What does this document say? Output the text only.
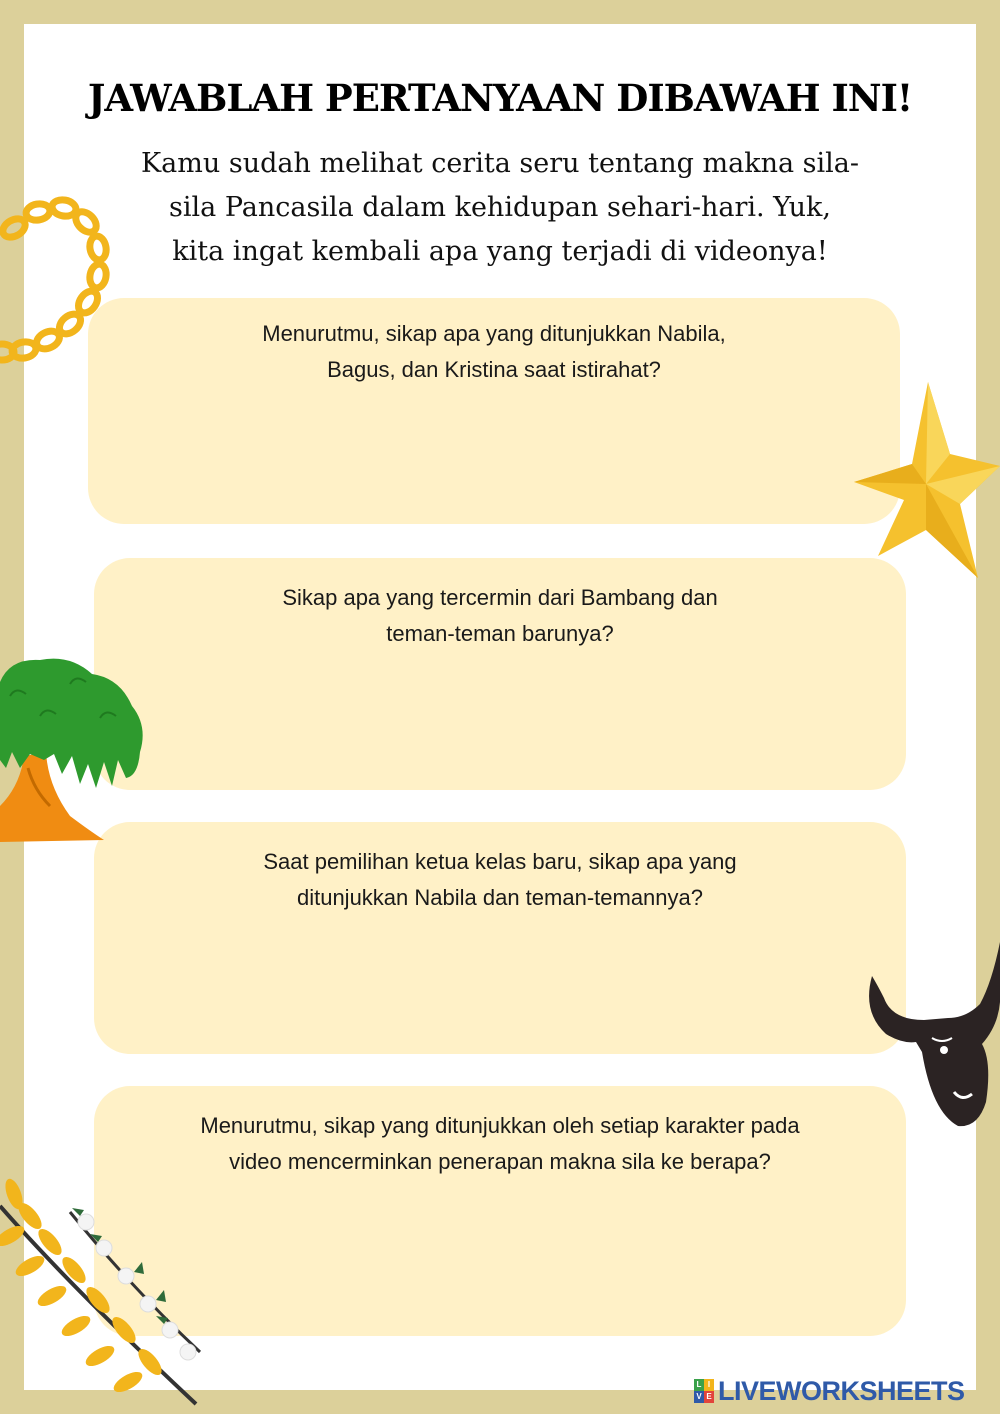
JAWABLAH PERTANYAAN DIBAWAH INI!
Kamu sudah melihat cerita seru tentang makna sila-
sila Pancasila dalam kehidupan sehari-hari. Yuk,
kita ingat kembali apa yang terjadi di videonya!
Menurutmu, sikap apa yang ditunjukkan Nabila,
Bagus, dan Kristina saat istirahat?
Sikap apa yang tercermin dari Bambang dan
teman-teman barunya?
Saat pemilihan ketua kelas baru, sikap apa yang
ditunjukkan Nabila dan teman-temannya?
Menurutmu, sikap yang ditunjukkan oleh setiap karakter pada
video mencerminkan penerapan makna sila ke berapa?
L I
V E LIVEWORKSHEETS
